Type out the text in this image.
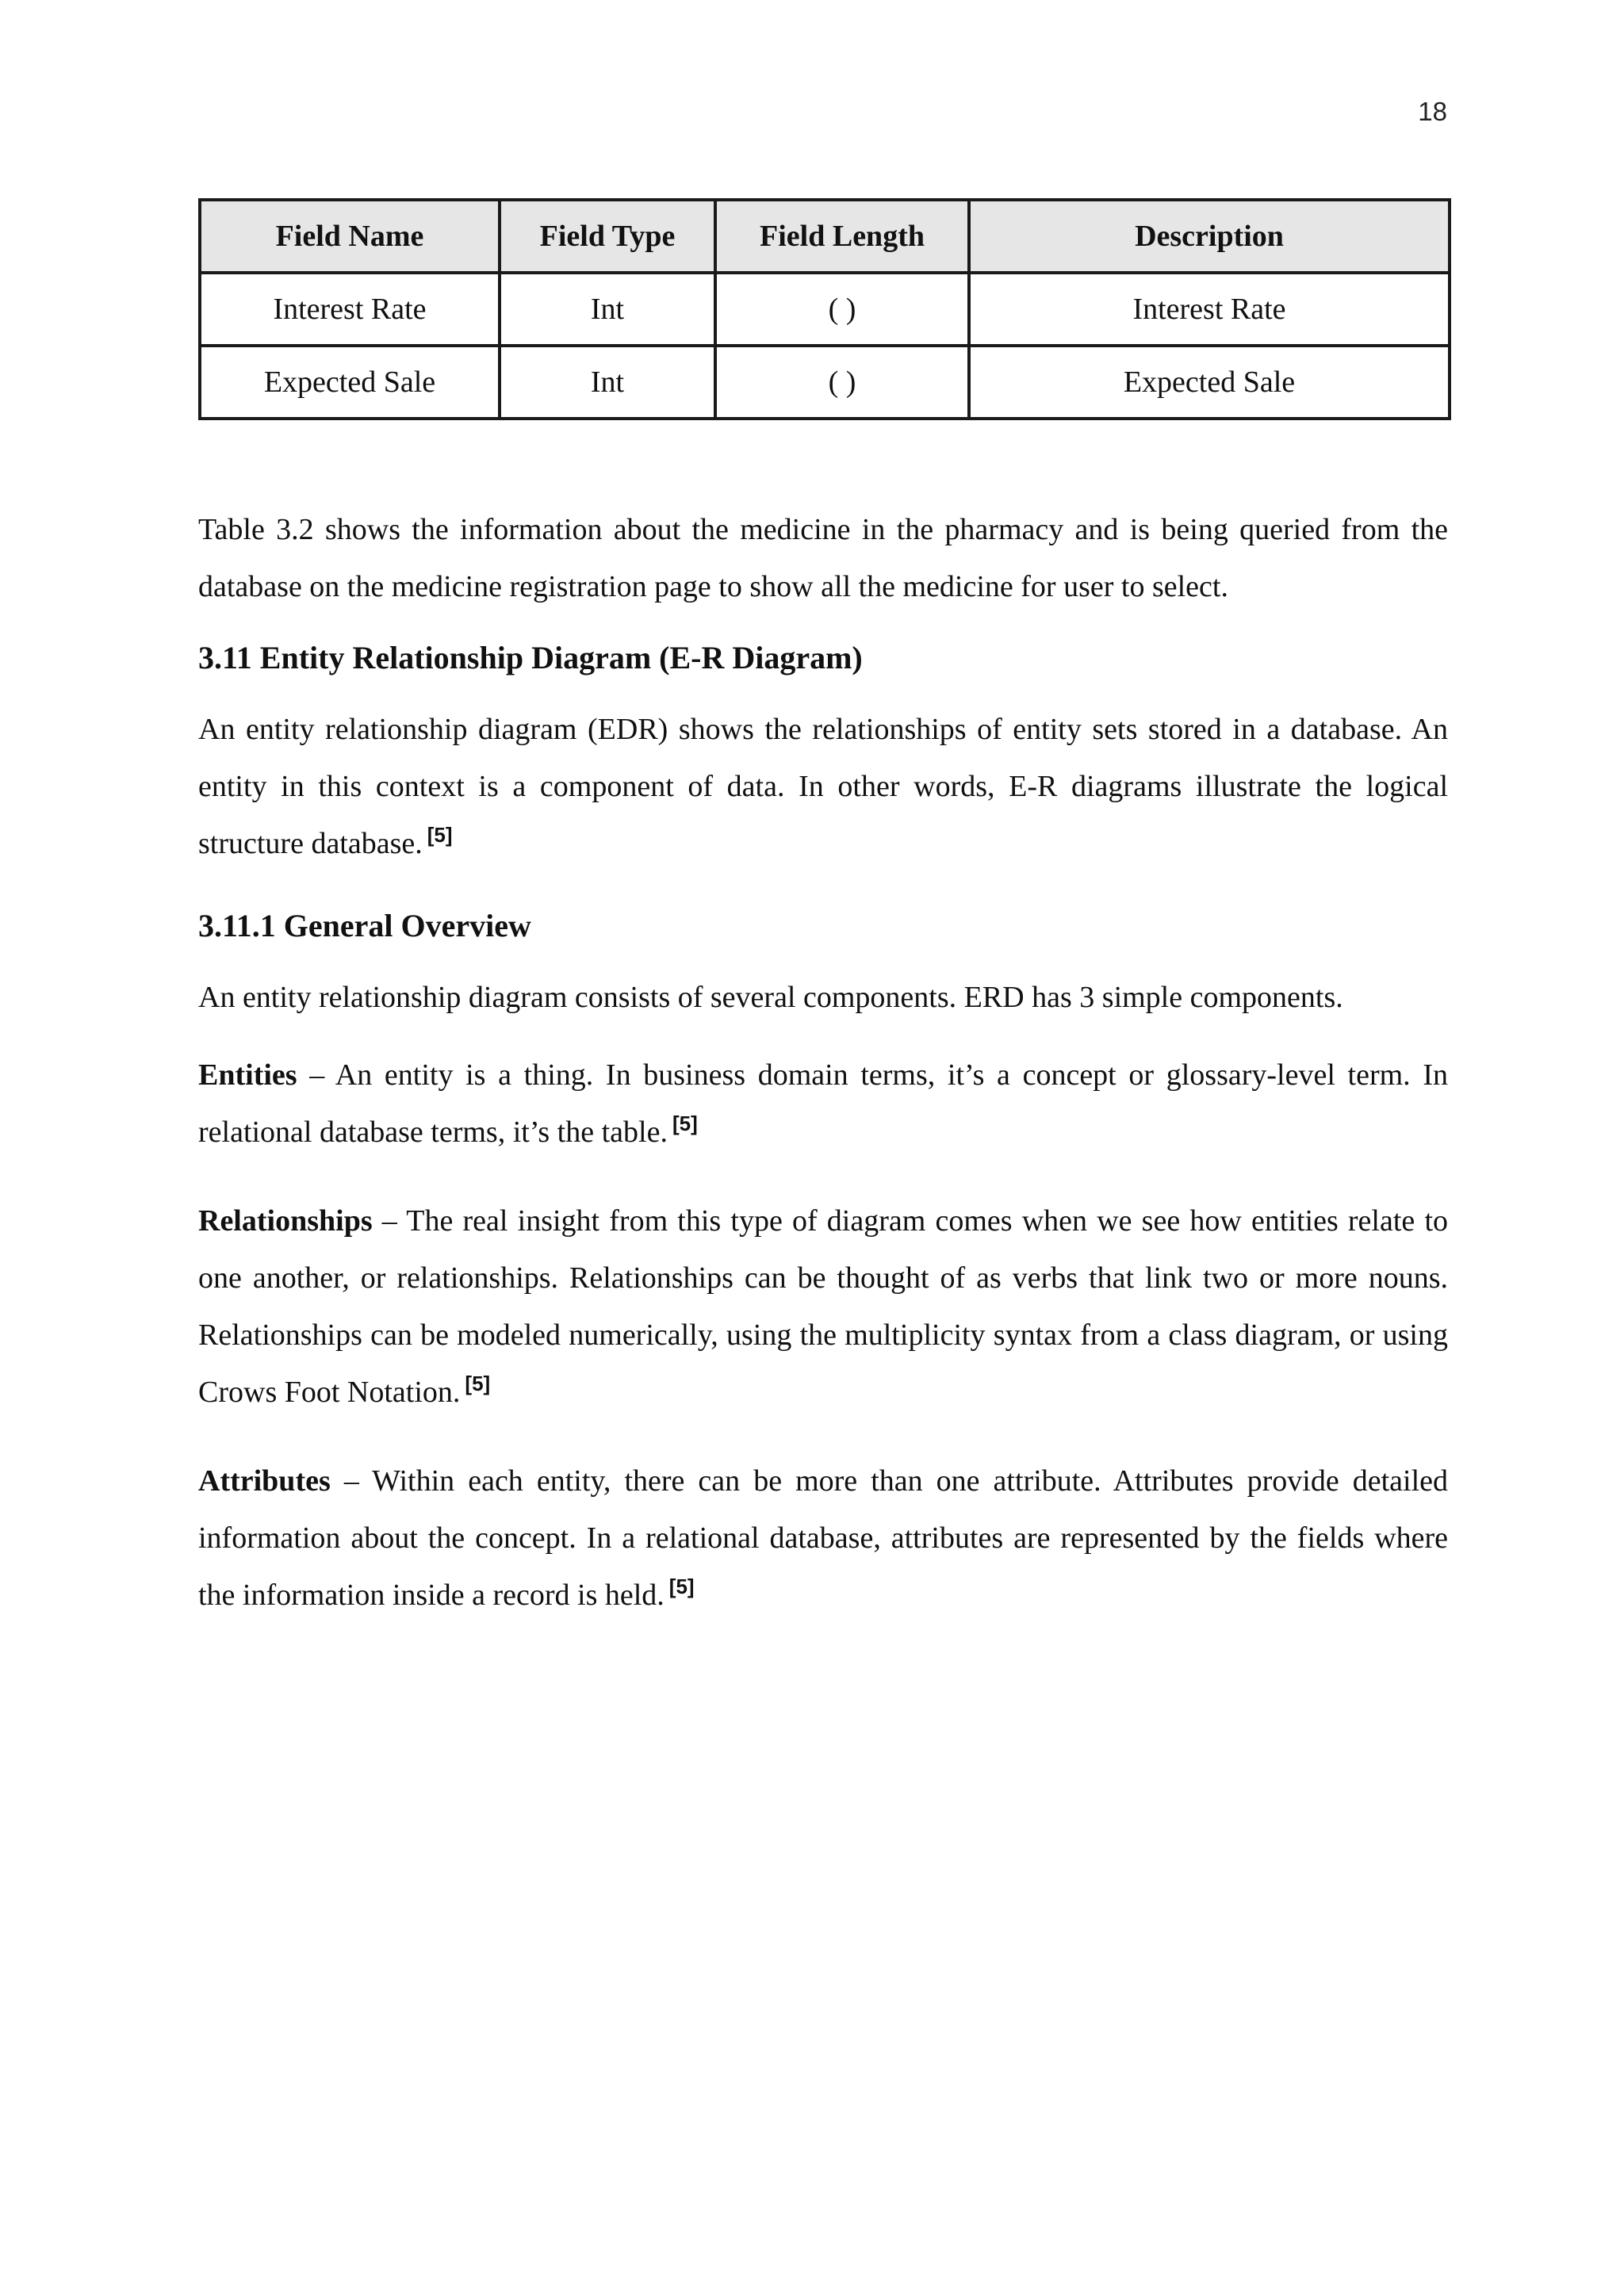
18
Field Name	Field Type	Field Length	Description
Interest Rate	Int	( )	Interest Rate
Expected Sale	Int	( )	Expected Sale

Table 3.2 shows the information about the medicine in the pharmacy and is being queried from the database on the medicine registration page to show all the medicine for user to select.

3.11 Entity Relationship Diagram (E-R Diagram)

An entity relationship diagram (EDR) shows the relationships of entity sets stored in a database. An entity in this context is a component of data. In other words, E-R diagrams illustrate the logical structure database. [5]

3.11.1 General Overview

An entity relationship diagram consists of several components. ERD has 3 simple components.

Entities – An entity is a thing. In business domain terms, it’s a concept or glossary-level term. In relational database terms, it’s the table. [5]

Relationships – The real insight from this type of diagram comes when we see how entities relate to one another, or relationships. Relationships can be thought of as verbs that link two or more nouns. Relationships can be modeled numerically, using the multiplicity syntax from a class diagram, or using Crows Foot Notation. [5]

Attributes – Within each entity, there can be more than one attribute. Attributes provide detailed information about the concept. In a relational database, attributes are represented by the fields where the information inside a record is held. [5]
